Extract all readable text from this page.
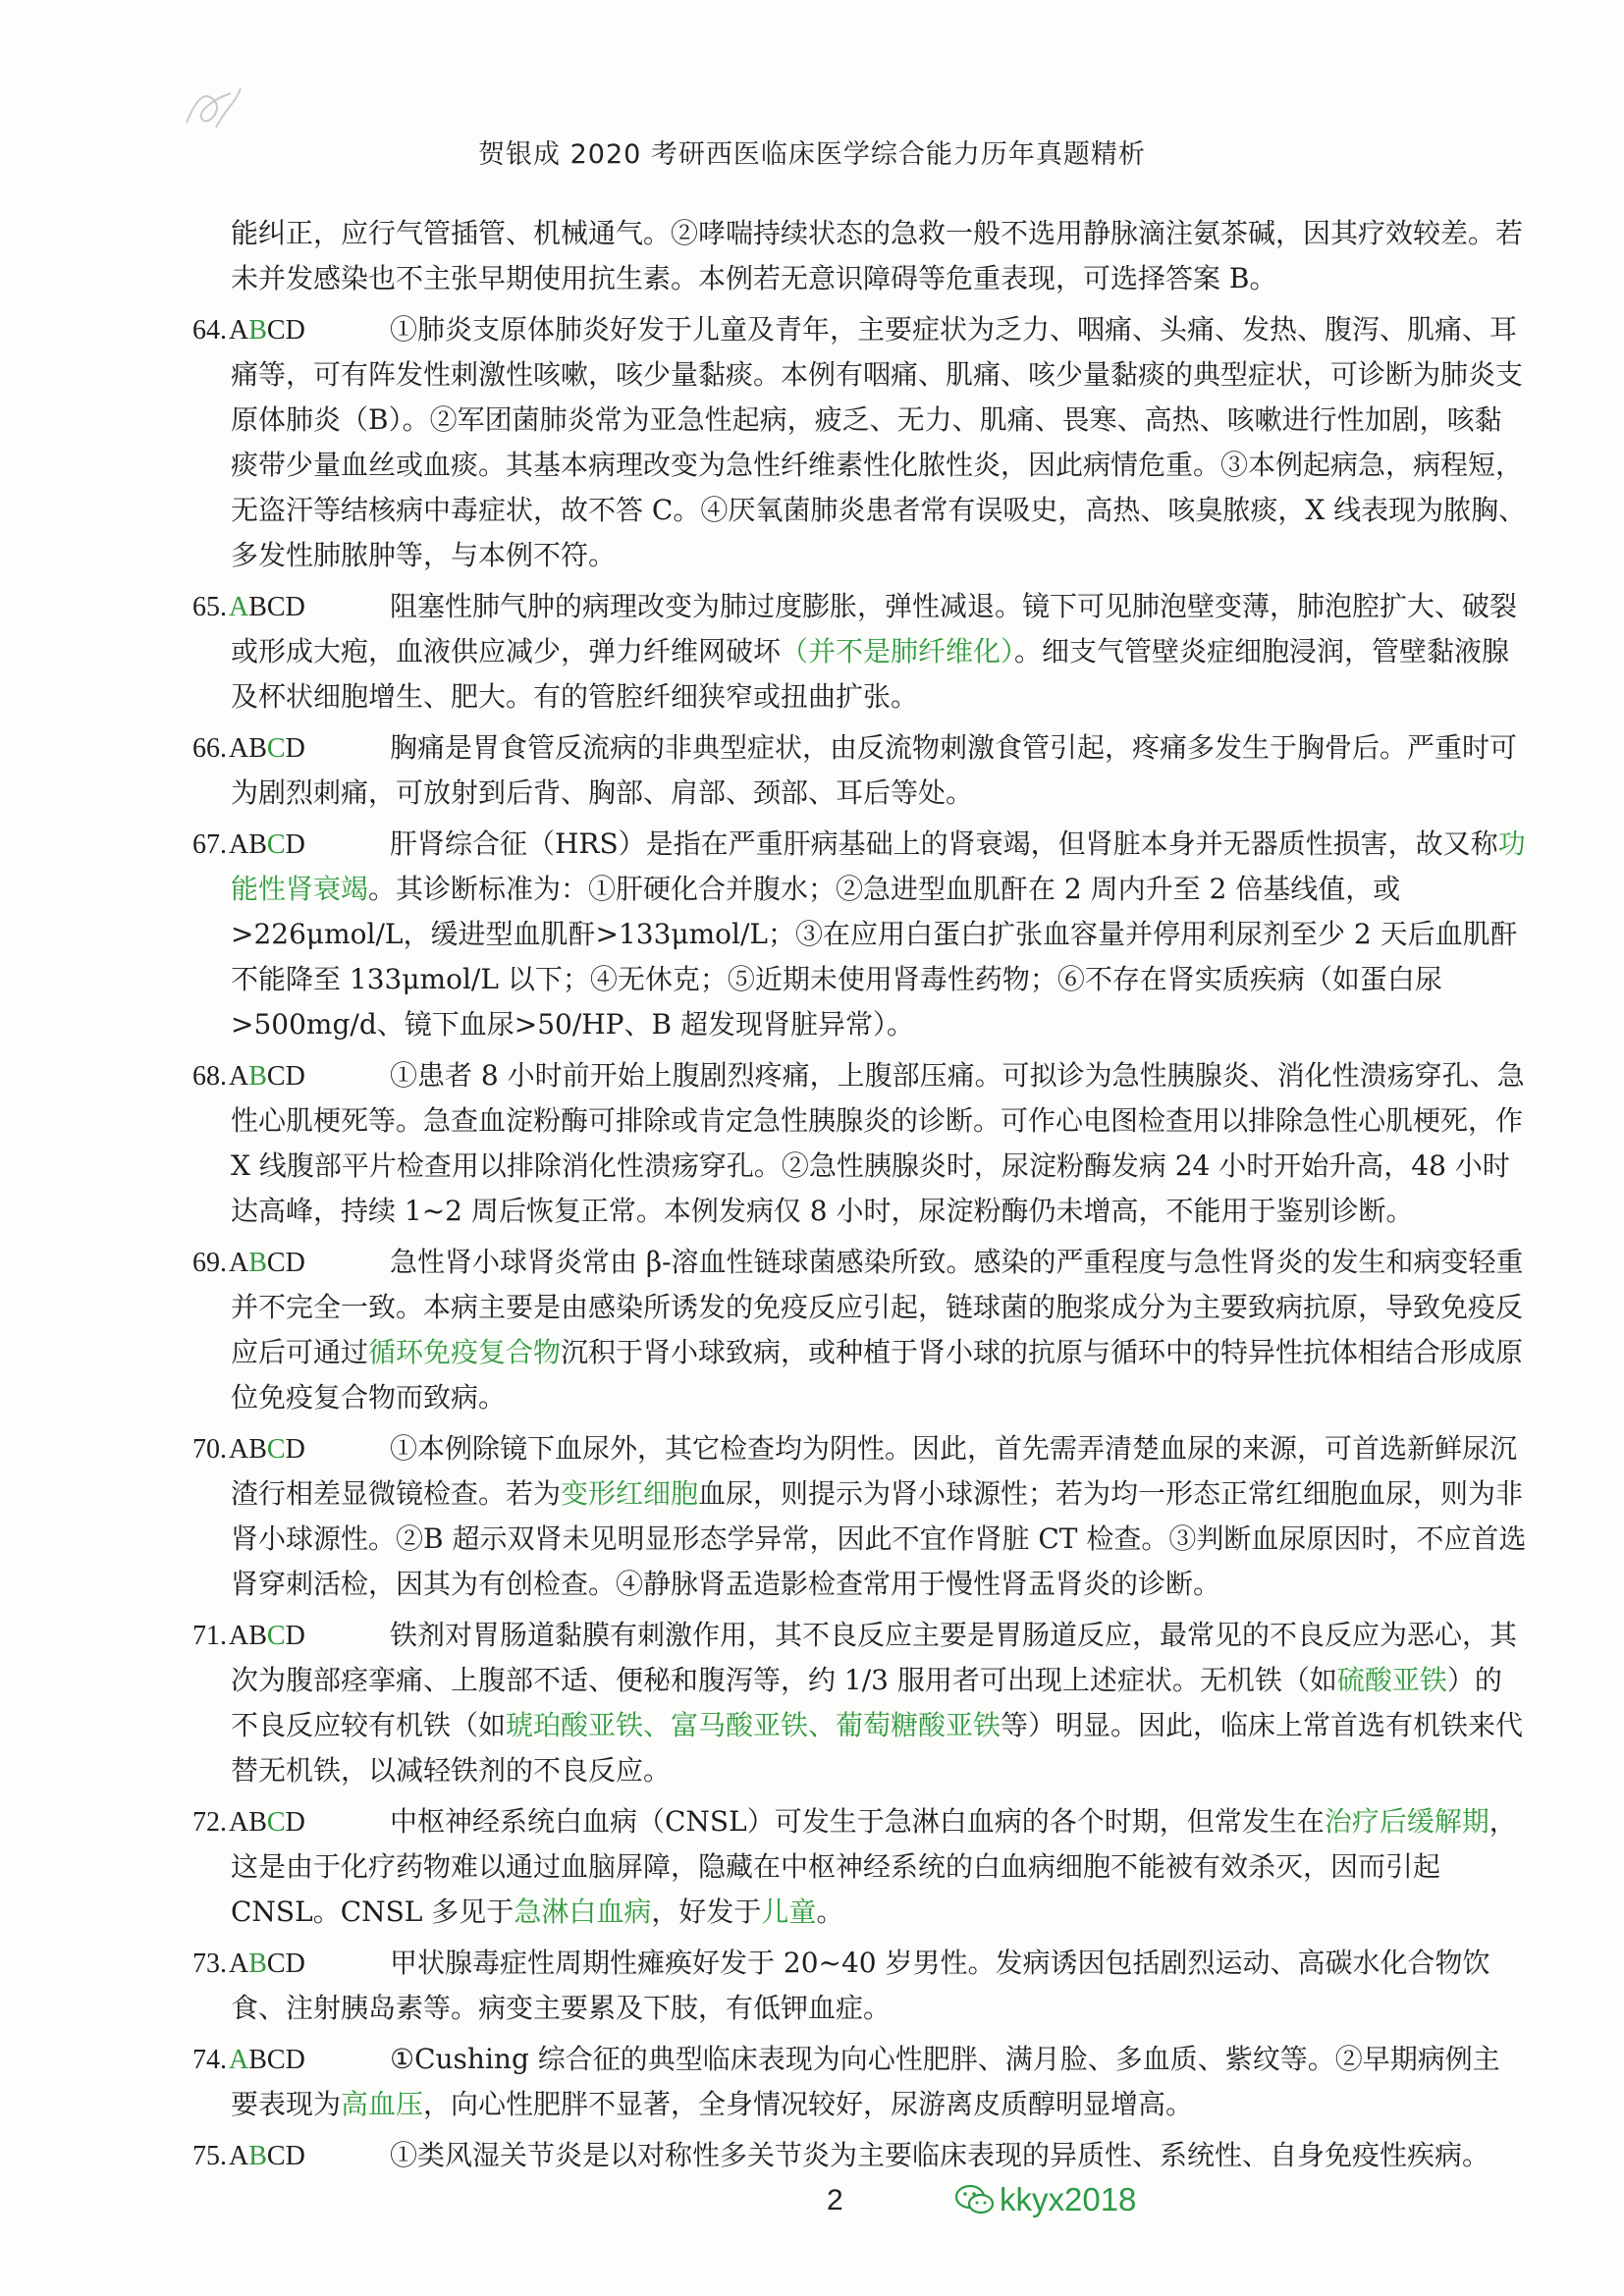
贺银成 2020 考研西医临床医学综合能力历年真题精析

能纠正，应行气管插管、机械通气。②哮喘持续状态的急救一般不选用静脉滴注氨茶碱，因其疗效较差。若未并发感染也不主张早期使用抗生素。本例若无意识障碍等危重表现，可选择答案 B。

64.ABCD	①肺炎支原体肺炎好发于儿童及青年，主要症状为乏力、咽痛、头痛、发热、腹泻、肌痛、耳痛等，可有阵发性刺激性咳嗽，咳少量黏痰。本例有咽痛、肌痛、咳少量黏痰的典型症状，可诊断为肺炎支原体肺炎（B）。②军团菌肺炎常为亚急性起病，疲乏、无力、肌痛、畏寒、高热、咳嗽进行性加剧，咳黏痰带少量血丝或血痰。其基本病理改变为急性纤维素性化脓性炎，因此病情危重。③本例起病急，病程短，无盗汗等结核病中毒症状，故不答 C。④厌氧菌肺炎患者常有误吸史，高热、咳臭脓痰，X 线表现为脓胸、多发性肺脓肿等，与本例不符。
65.ABCD	阻塞性肺气肿的病理改变为肺过度膨胀，弹性减退。镜下可见肺泡壁变薄，肺泡腔扩大、破裂或形成大疱，血液供应减少，弹力纤维网破坏（并不是肺纤维化）。细支气管壁炎症细胞浸润，管壁黏液腺及杯状细胞增生、肥大。有的管腔纤细狭窄或扭曲扩张。
66.ABCD	胸痛是胃食管反流病的非典型症状，由反流物刺激食管引起，疼痛多发生于胸骨后。严重时可为剧烈刺痛，可放射到后背、胸部、肩部、颈部、耳后等处。
67.ABCD	肝肾综合征（HRS）是指在严重肝病基础上的肾衰竭，但肾脏本身并无器质性损害，故又称功能性肾衰竭。其诊断标准为：①肝硬化合并腹水；②急进型血肌酐在 2 周内升至 2 倍基线值，或>226μmol/L，缓进型血肌酐>133μmol/L；③在应用白蛋白扩张血容量并停用利尿剂至少 2 天后血肌酐不能降至 133μmol/L 以下；④无休克；⑤近期未使用肾毒性药物；⑥不存在肾实质疾病（如蛋白尿>500mg/d、镜下血尿>50/HP、B 超发现肾脏异常）。
68.ABCD	①患者 8 小时前开始上腹剧烈疼痛，上腹部压痛。可拟诊为急性胰腺炎、消化性溃疡穿孔、急性心肌梗死等。急查血淀粉酶可排除或肯定急性胰腺炎的诊断。可作心电图检查用以排除急性心肌梗死，作 X 线腹部平片检查用以排除消化性溃疡穿孔。②急性胰腺炎时，尿淀粉酶发病 24 小时开始升高，48 小时达高峰，持续 1~2 周后恢复正常。本例发病仅 8 小时，尿淀粉酶仍未增高，不能用于鉴别诊断。
69.ABCD	急性肾小球肾炎常由 β-溶血性链球菌感染所致。感染的严重程度与急性肾炎的发生和病变轻重并不完全一致。本病主要是由感染所诱发的免疫反应引起，链球菌的胞浆成分为主要致病抗原，导致免疫反应后可通过循环免疫复合物沉积于肾小球致病，或种植于肾小球的抗原与循环中的特异性抗体相结合形成原位免疫复合物而致病。
70.ABCD	①本例除镜下血尿外，其它检查均为阴性。因此，首先需弄清楚血尿的来源，可首选新鲜尿沉渣行相差显微镜检查。若为变形红细胞血尿，则提示为肾小球源性；若为均一形态正常红细胞血尿，则为非肾小球源性。②B 超示双肾未见明显形态学异常，因此不宜作肾脏 CT 检查。③判断血尿原因时，不应首选肾穿刺活检，因其为有创检查。④静脉肾盂造影检查常用于慢性肾盂肾炎的诊断。
71.ABCD	铁剂对胃肠道黏膜有刺激作用，其不良反应主要是胃肠道反应，最常见的不良反应为恶心，其次为腹部痉挛痛、上腹部不适、便秘和腹泻等，约 1/3 服用者可出现上述症状。无机铁（如硫酸亚铁）的不良反应较有机铁（如琥珀酸亚铁、富马酸亚铁、葡萄糖酸亚铁等）明显。因此，临床上常首选有机铁来代替无机铁，以减轻铁剂的不良反应。
72.ABCD	中枢神经系统白血病（CNSL）可发生于急淋白血病的各个时期，但常发生在治疗后缓解期，这是由于化疗药物难以通过血脑屏障，隐藏在中枢神经系统的白血病细胞不能被有效杀灭，因而引起 CNSL。CNSL 多见于急淋白血病，好发于儿童。
73.ABCD	甲状腺毒症性周期性瘫痪好发于 20~40 岁男性。发病诱因包括剧烈运动、高碳水化合物饮食、注射胰岛素等。病变主要累及下肢，有低钾血症。
74.ABCD	①Cushing 综合征的典型临床表现为向心性肥胖、满月脸、多血质、紫纹等。②早期病例主要表现为高血压，向心性肥胖不显著，全身情况较好，尿游离皮质醇明显增高。
75.ABCD	①类风湿关节炎是以对称性多关节炎为主要临床表现的异质性、系统性、自身免疫性疾病。
2	kkyx2018
